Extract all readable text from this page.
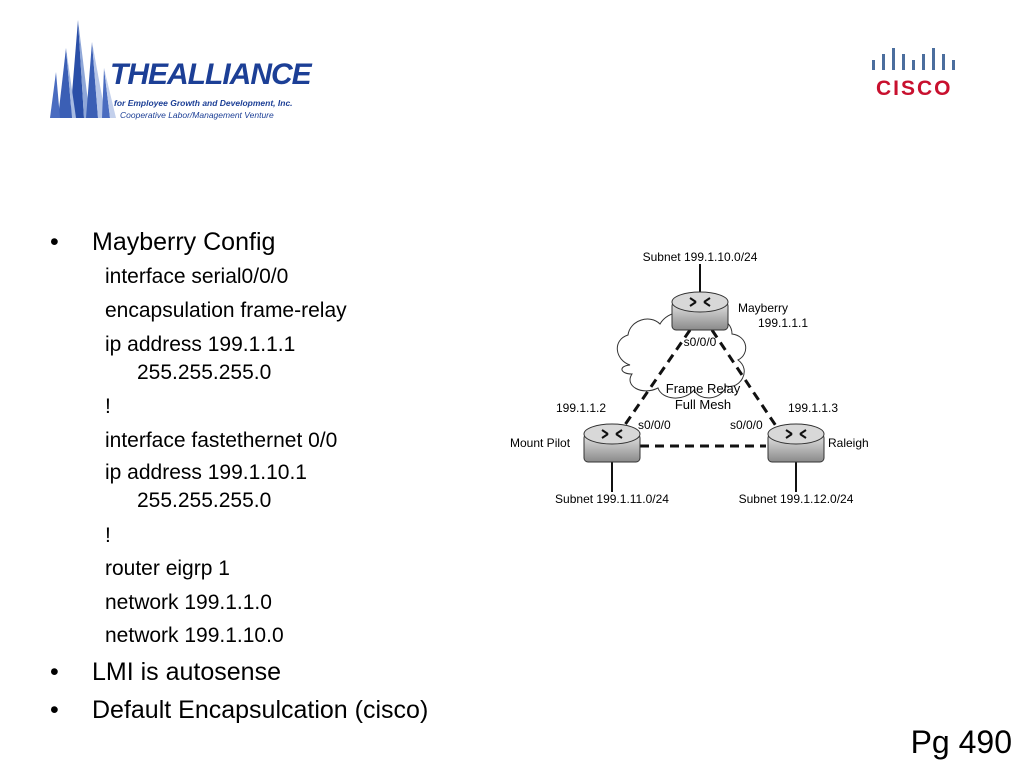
THEALLIANCE
for Employee Growth and Development, Inc.
Cooperative Labor/Management Venture
CISCO
•	Mayberry Config
interface serial0/0/0
encapsulation frame-relay
ip address 199.1.1.1
255.255.255.0
!
interface fastethernet 0/0
ip address 199.1.10.1
255.255.255.0
!
router eigrp 1
network 199.1.1.0
network 199.1.10.0
•	LMI is autosense
•	Default Encapsulcation (cisco)
Frame Relay
Full Mesh
Subnet 199.1.10.0/24
Mayberry
199.1.1.1
s0/0/0
199.1.1.2
Mount Pilot
s0/0/0
Subnet 199.1.11.0/24
199.1.1.3
Raleigh
s0/0/0
Subnet 199.1.12.0/24
Pg 490
